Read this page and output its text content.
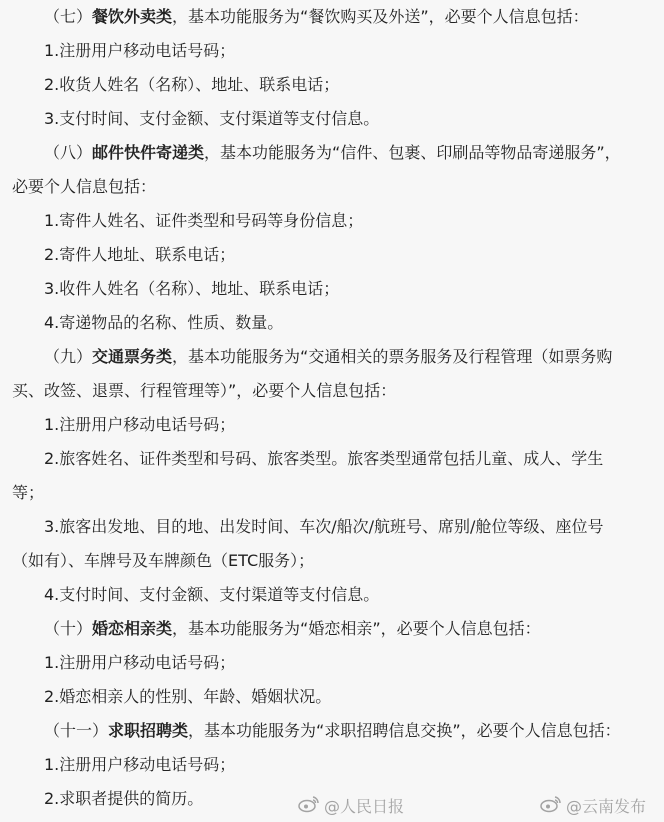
（七）餐饮外卖类，基本功能服务为“餐饮购买及外送”，必要个人信息包括：

1.注册用户移动电话号码；

2.收货人姓名（名称）、地址、联系电话；

3.支付时间、支付金额、支付渠道等支付信息。

（八）邮件快件寄递类，基本功能服务为“信件、包裹、印刷品等物品寄递服务”，

必要个人信息包括：

1.寄件人姓名、证件类型和号码等身份信息；

2.寄件人地址、联系电话；

3.收件人姓名（名称）、地址、联系电话；

4.寄递物品的名称、性质、数量。

（九）交通票务类，基本功能服务为“交通相关的票务服务及行程管理（如票务购

买、改签、退票、行程管理等）”，必要个人信息包括：

1.注册用户移动电话号码；

2.旅客姓名、证件类型和号码、旅客类型。旅客类型通常包括儿童、成人、学生

等；

3.旅客出发地、目的地、出发时间、车次/船次/航班号、席别/舱位等级、座位号

（如有）、车牌号及车牌颜色（ETC服务）；

4.支付时间、支付金额、支付渠道等支付信息。

（十）婚恋相亲类，基本功能服务为“婚恋相亲”，必要个人信息包括：

1.注册用户移动电话号码；

2.婚恋相亲人的性别、年龄、婚姻状况。

（十一）求职招聘类，基本功能服务为“求职招聘信息交换”，必要个人信息包括：

1.注册用户移动电话号码；

2.求职者提供的简历。	@人民日报	@云南发布
